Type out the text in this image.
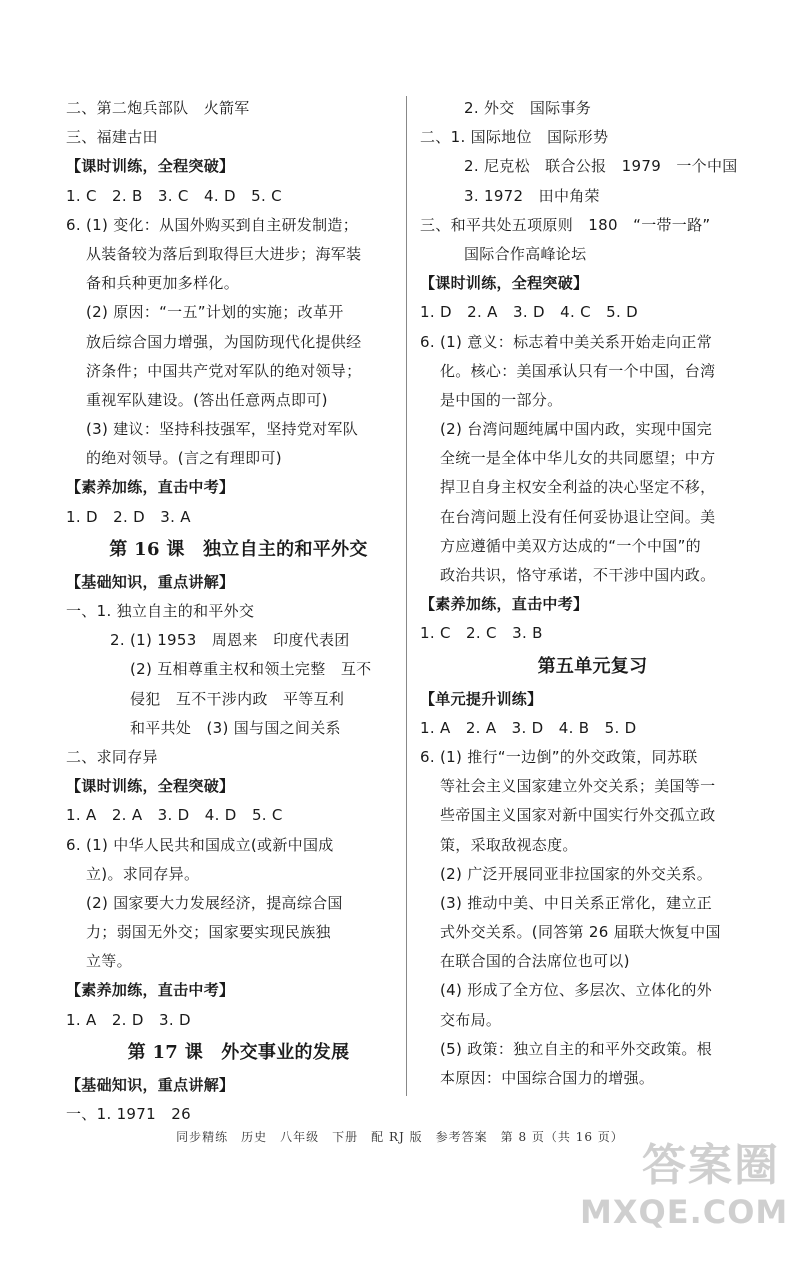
二、第二炮兵部队　火箭军
三、福建古田
【课时训练，全程突破】
1. C　2. B　3. C　4. D　5. C
6. (1) 变化：从国外购买到自主研发制造；
从装备较为落后到取得巨大进步；海军装
备和兵种更加多样化。
(2) 原因：“一五”计划的实施；改革开
放后综合国力增强，为国防现代化提供经
济条件；中国共产党对军队的绝对领导；
重视军队建设。(答出任意两点即可)
(3) 建议：坚持科技强军，坚持党对军队
的绝对领导。(言之有理即可)
【素养加练，直击中考】
1. D　2. D　3. A
第 16 课　独立自主的和平外交
【基础知识，重点讲解】
一、1. 独立自主的和平外交
2. (1) 1953　周恩来　印度代表团
(2) 互相尊重主权和领土完整　互不
侵犯　互不干涉内政　平等互利
和平共处　(3) 国与国之间关系
二、求同存异
【课时训练，全程突破】
1. A　2. A　3. D　4. D　5. C
6. (1) 中华人民共和国成立(或新中国成
立)。求同存异。
(2) 国家要大力发展经济，提高综合国
力；弱国无外交；国家要实现民族独
立等。
【素养加练，直击中考】
1. A　2. D　3. D
第 17 课　外交事业的发展
【基础知识，重点讲解】
一、1. 1971　26
2. 外交　国际事务
二、1. 国际地位　国际形势
2. 尼克松　联合公报　1979　一个中国
3. 1972　田中角荣
三、和平共处五项原则　180　“一带一路”
国际合作高峰论坛
【课时训练，全程突破】
1. D　2. A　3. D　4. C　5. D
6. (1) 意义：标志着中美关系开始走向正常
化。核心：美国承认只有一个中国，台湾
是中国的一部分。
(2) 台湾问题纯属中国内政，实现中国完
全统一是全体中华儿女的共同愿望；中方
捍卫自身主权安全利益的决心坚定不移，
在台湾问题上没有任何妥协退让空间。美
方应遵循中美双方达成的“一个中国”的
政治共识，恪守承诺，不干涉中国内政。
【素养加练，直击中考】
1. C　2. C　3. B
第五单元复习
【单元提升训练】
1. A　2. A　3. D　4. B　5. D
6. (1) 推行“一边倒”的外交政策，同苏联
等社会主义国家建立外交关系；美国等一
些帝国主义国家对新中国实行外交孤立政
策，采取敌视态度。
(2) 广泛开展同亚非拉国家的外交关系。
(3) 推动中美、中日关系正常化，建立正
式外交关系。(同答第 26 届联大恢复中国
在联合国的合法席位也可以)
(4) 形成了全方位、多层次、立体化的外
交布局。
(5) 政策：独立自主的和平外交政策。根
本原因：中国综合国力的增强。
同步精练　历史　八年级　下册　配 RJ 版　参考答案　第 8 页（共 16 页）
答案圈
MXQE.COM
